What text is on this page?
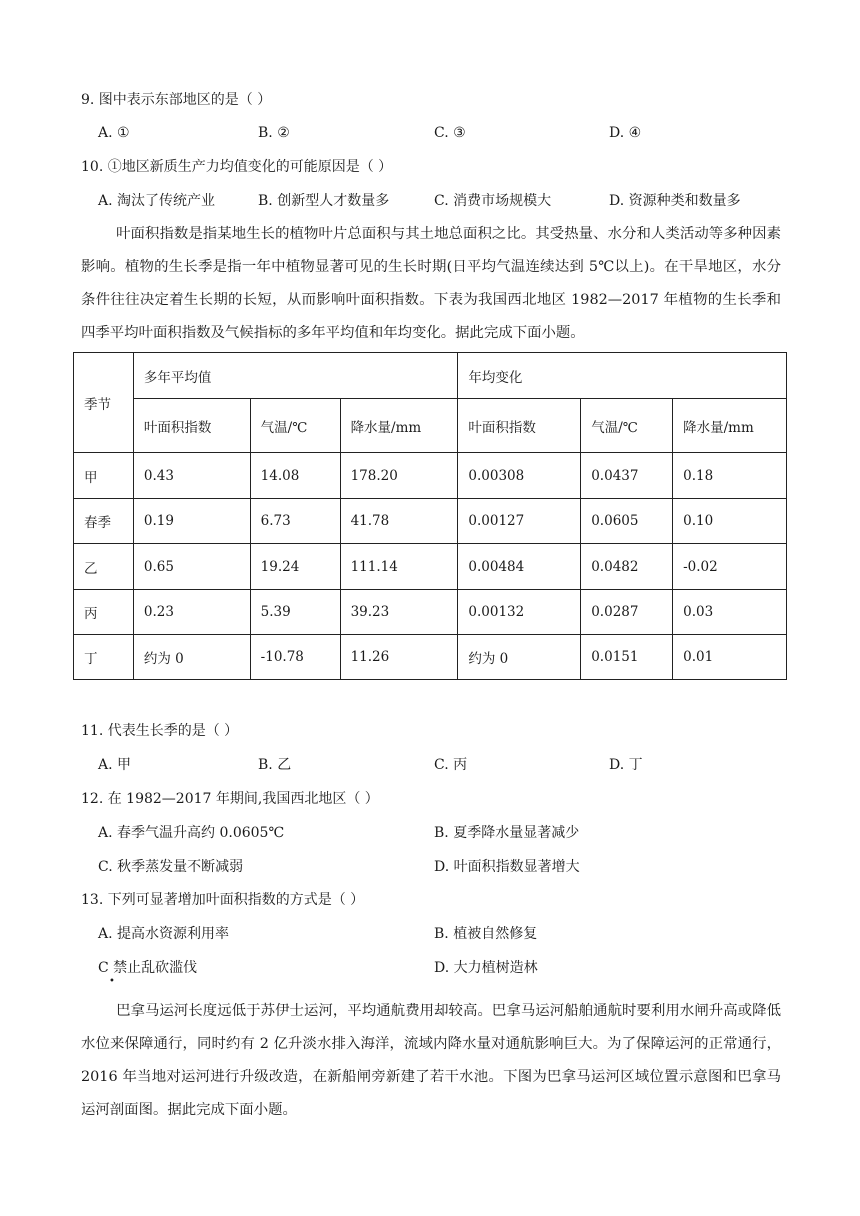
9. 图中表示东部地区的是（ ）
A. ①	B. ②	C. ③	D. ④
10. ①地区新质生产力均值变化的可能原因是（ ）
A. 淘汰了传统产业	B. 创新型人才数量多	C. 消费市场规模大	D. 资源种类和数量多
叶面积指数是指某地生长的植物叶片总面积与其土地总面积之比。其受热量、水分和人类活动等多种因素影响。植物的生长季是指一年中植物显著可见的生长时期(日平均气温连续达到 5℃以上)。在干旱地区，水分条件往往决定着生长期的长短，从而影响叶面积指数。下表为我国西北地区 1982—2017 年植物的生长季和四季平均叶面积指数及气候指标的多年平均值和年均变化。据此完成下面小题。
季节	多年平均值			年均变化		
	叶面积指数	气温/℃	降水量/mm	叶面积指数	气温/℃	降水量/mm
甲	0.43	14.08	178.20	0.00308	0.0437	0.18
春季	0.19	6.73	41.78	0.00127	0.0605	0.10
乙	0.65	19.24	111.14	0.00484	0.0482	-0.02
丙	0.23	5.39	39.23	0.00132	0.0287	0.03
丁	约为 0	-10.78	11.26	约为 0	0.0151	0.01
11. 代表生长季的是（ ）
A. 甲	B. 乙	C. 丙	D. 丁
12. 在 1982—2017 年期间,我国西北地区（ ）
A. 春季气温升高约 0.0605℃	B. 夏季降水量显著减少
C. 秋季蒸发量不断减弱	D. 叶面积指数显著增大
13. 下列可显著增加叶面积指数的方式是（ ）
A. 提高水资源利用率	B. 植被自然修复
C 禁止乱砍滥伐	D. 大力植树造林
•
巴拿马运河长度远低于苏伊士运河，平均通航费用却较高。巴拿马运河船舶通航时要利用水闸升高或降低水位来保障通行，同时约有 2 亿升淡水排入海洋，流域内降水量对通航影响巨大。为了保障运河的正常通行，2016 年当地对运河进行升级改造，在新船闸旁新建了若干水池。下图为巴拿马运河区域位置示意图和巴拿马运河剖面图。据此完成下面小题。
